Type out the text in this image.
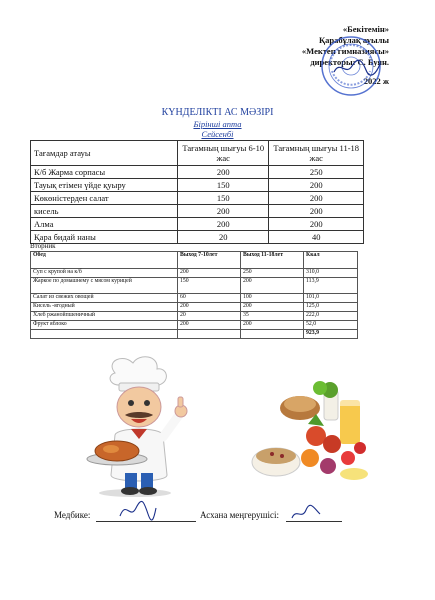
«Бекітемін»
Қарабұлақ ауылы
«Мектеп гимназиясы»
директоры: С. Буян.
2022 ж
КҮНДЕЛІКТІ АС МӘЗІРІ
Бірінші апта
Сейсенбі
Тағамдар атауы	Тағамның шығуы 6-10 жас	Тағамның шығуы 11-18 жас
К/б Жарма сорпасы	200	250
Тауық етімен үйде қуыру	150	200
Көкөністерден салат	150	200
кисель	200	200
Алма	200	200
Қара бидай наны	20	40
Вторник
Обед	Выход 7-10лет	Выход 11-18лет	Ккал
Суп с крупой на к/б	200	250	310,0
Жаркое по домашнему с мясом курицей	150	200	113,9
Салат из свежих овощей	60	100	101,0
Кисель -ягодный	200	200	125,0
Хлеб ржанойпшеничный	20	35	222,0
Фрукт яблоко	200	200	52,0
			923,9
Медбике:	Асхана меңгерушісі:
